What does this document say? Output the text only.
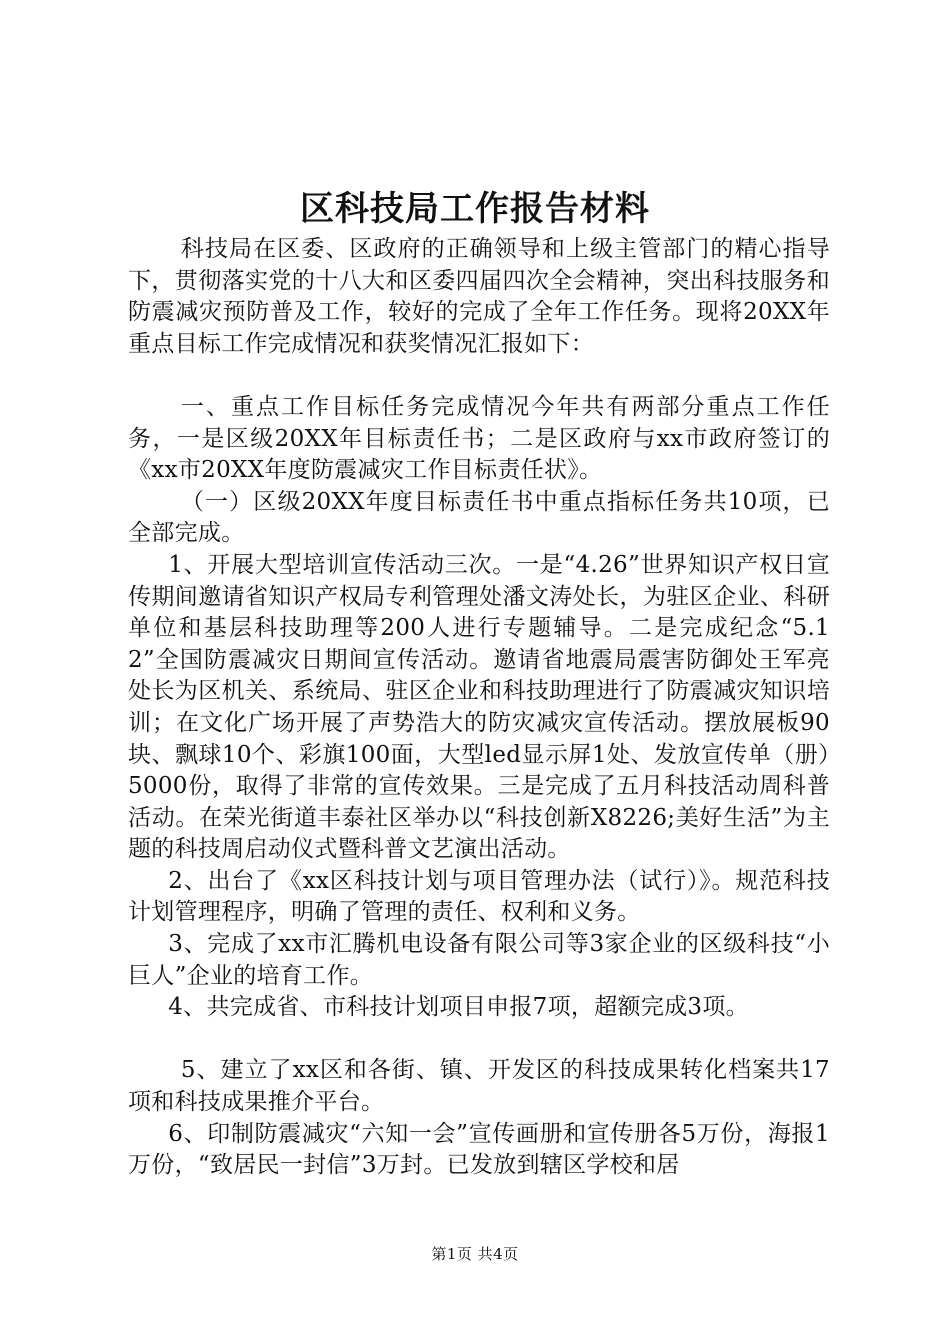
区科技局工作报告材料

科技局在区委、区政府的正确领导和上级主管部门的精心指导下，贯彻落实党的十八大和区委四届四次全会精神，突出科技服务和防震减灾预防普及工作，较好的完成了全年工作任务。现将20XX年重点目标工作完成情况和获奖情况汇报如下：

一、重点工作目标任务完成情况今年共有两部分重点工作任务，一是区级20XX年目标责任书；二是区政府与xx市政府签订的《xx市20XX年度防震减灾工作目标责任状》。

（一）区级20XX年度目标责任书中重点指标任务共10项，已全部完成。

1、开展大型培训宣传活动三次。一是“4.26”世界知识产权日宣传期间邀请省知识产权局专利管理处潘文涛处长，为驻区企业、科研单位和基层科技助理等200人进行专题辅导。二是完成纪念“5.12”全国防震减灾日期间宣传活动。邀请省地震局震害防御处王军亮处长为区机关、系统局、驻区企业和科技助理进行了防震减灾知识培训；在文化广场开展了声势浩大的防灾减灾宣传活动。摆放展板90块、飘球10个、彩旗100面，大型led显示屏1处、发放宣传单（册）5000份，取得了非常的宣传效果。三是完成了五月科技活动周科普活动。在荣光街道丰泰社区举办以“科技创新X8226;美好生活”为主题的科技周启动仪式暨科普文艺演出活动。

2、出台了《xx区科技计划与项目管理办法（试行）》。规范科技计划管理程序，明确了管理的责任、权利和义务。

3、完成了xx市汇腾机电设备有限公司等3家企业的区级科技“小巨人”企业的培育工作。

4、共完成省、市科技计划项目申报7项，超额完成3项。

5、建立了xx区和各街、镇、开发区的科技成果转化档案共17项和科技成果推介平台。

6、印制防震减灾“六知一会”宣传画册和宣传册各5万份，海报1万份，“致居民一封信”3万封。已发放到辖区学校和居

第1页 共4页
